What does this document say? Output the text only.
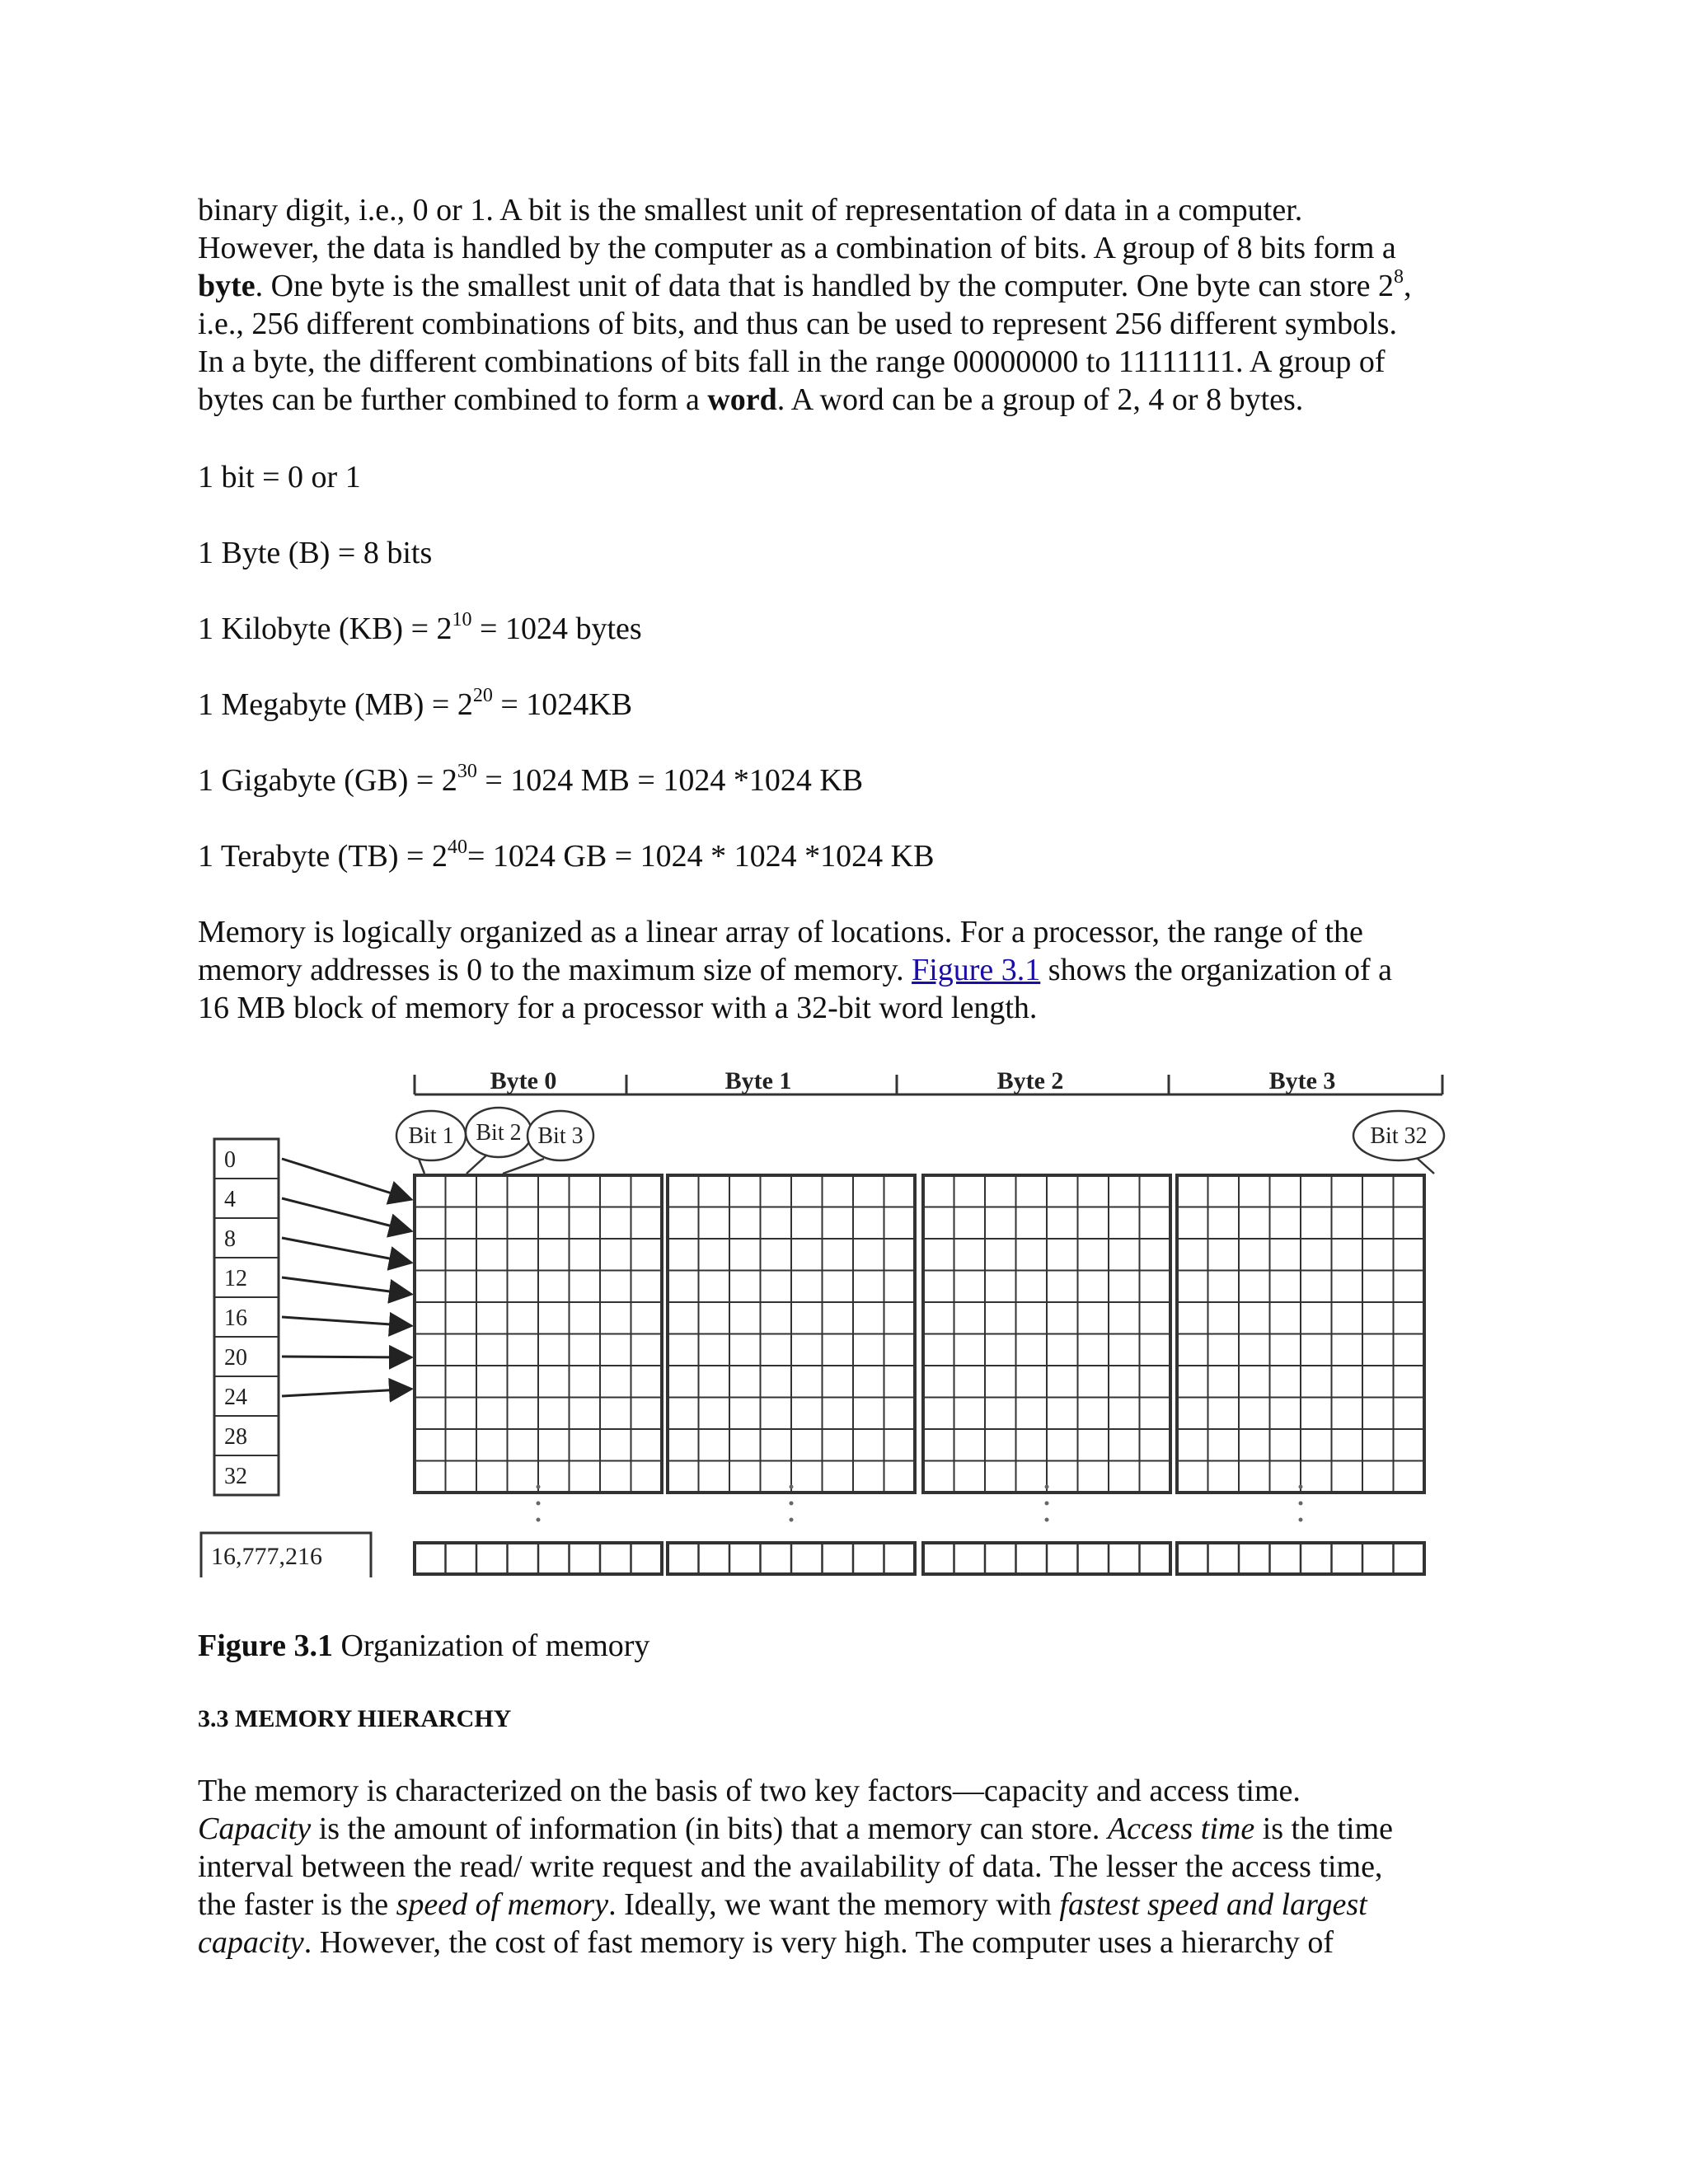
binary digit, i.e., 0 or 1. A bit is the smallest unit of representation of data in a computer.

However, the data is handled by the computer as a combination of bits. A group of 8 bits form a

byte. One byte is the smallest unit of data that is handled by the computer. One byte can store $2^8$,

i.e., 256 different combinations of bits, and thus can be used to represent 256 different symbols.

In a byte, the different combinations of bits fall in the range 00000000 to 11111111. A group of

bytes can be further combined to form a word. A word can be a group of 2, 4 or 8 bytes.

1 bit = 0 or 1

1 Byte (B) = 8 bits

1 Kilobyte $(KB) = 2^{10} = 1024$ bytes

1 Megabyte $(MB) = 2^{20} = 1024KB$

1 Gigabyte $(GB) = 2^{30} = 1024$ MB = 1024 *1024 KB

1 Terabyte $(TB) = 2^{40}= 1024$ GB = 1024 * 1024 *1024 KB

Memory is logically organized as a linear array of locations. For a processor, the range of the

memory addresses is 0 to the maximum size of memory. Figure 3.1 shows the organization of a

16 MB block of memory for a processor with a 32-bit word length.

Byte 0	Byte 1	Byte 2	Byte 3
Bit 1 Bit 2 Bit 3	Bit 32
0
4
8
12
16
20
24
28
32
16,777,216

Figure 3.1 Organization of memory

3.3 MEMORY HIERARCHY

The memory is characterized on the basis of two key factors—capacity and access time.

Capacity is the amount of information (in bits) that a memory can store. Access time is the time

interval between the read/ write request and the availability of data. The lesser the access time,

the faster is the speed of memory. Ideally, we want the memory with fastest speed and largest

capacity. However, the cost of fast memory is very high. The computer uses a hierarchy of
